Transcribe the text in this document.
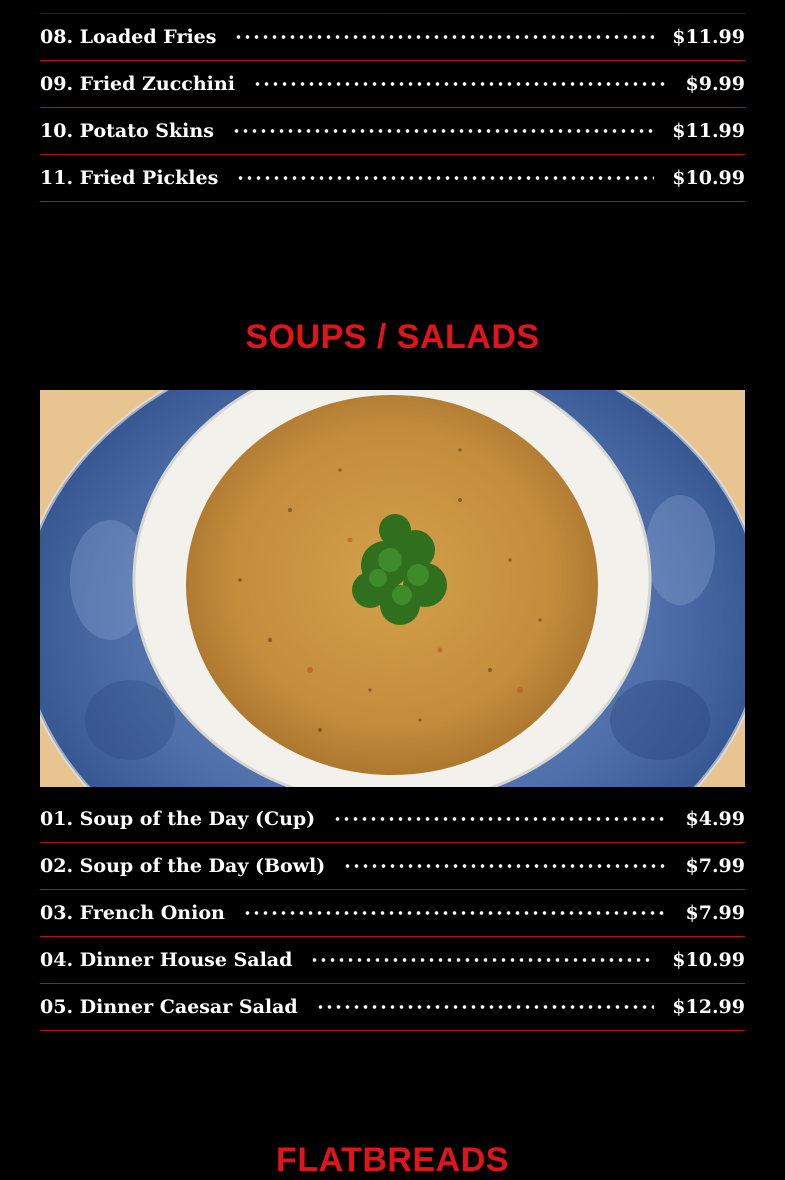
08. Loaded Fries	$11.99
09. Fried Zucchini	$9.99
10. Potato Skins	$11.99
11. Fried Pickles	$10.99
SOUPS / SALADS
01. Soup of the Day (Cup)	$4.99
02. Soup of the Day (Bowl)	$7.99
03. French Onion	$7.99
04. Dinner House Salad	$10.99
05. Dinner Caesar Salad	$12.99
FLATBREADS
